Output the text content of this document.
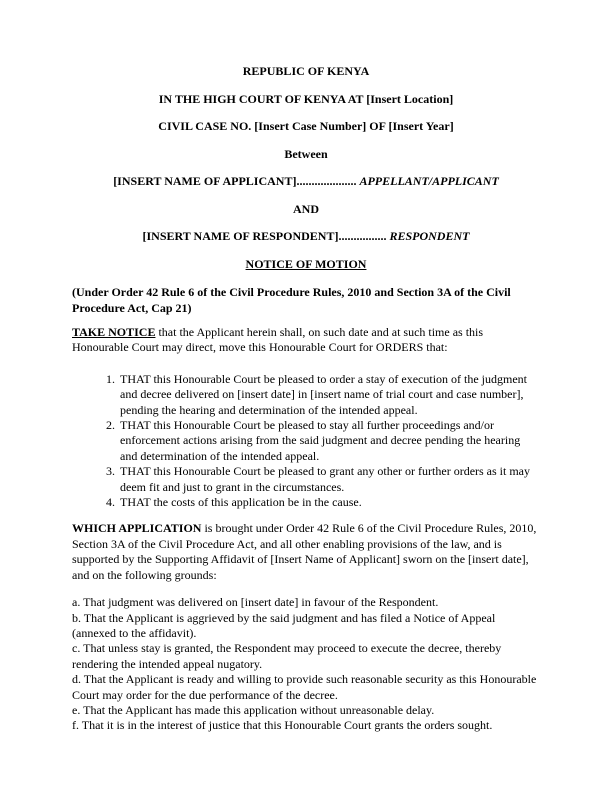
REPUBLIC OF KENYA

IN THE HIGH COURT OF KENYA AT [Insert Location]

CIVIL CASE NO. [Insert Case Number] OF [Insert Year]

Between

[INSERT NAME OF APPLICANT].................... APPELLANT/APPLICANT

AND

[INSERT NAME OF RESPONDENT]................ RESPONDENT

NOTICE OF MOTION

(Under Order 42 Rule 6 of the Civil Procedure Rules, 2010 and Section 3A of the Civil Procedure Act, Cap 21)

TAKE NOTICE that the Applicant herein shall, on such date and at such time as this Honourable Court may direct, move this Honourable Court for ORDERS that:

1. THAT this Honourable Court be pleased to order a stay of execution of the judgment and decree delivered on [insert date] in [insert name of trial court and case number], pending the hearing and determination of the intended appeal.
2. THAT this Honourable Court be pleased to stay all further proceedings and/or enforcement actions arising from the said judgment and decree pending the hearing and determination of the intended appeal.
3. THAT this Honourable Court be pleased to grant any other or further orders as it may deem fit and just to grant in the circumstances.
4. THAT the costs of this application be in the cause.

WHICH APPLICATION is brought under Order 42 Rule 6 of the Civil Procedure Rules, 2010, Section 3A of the Civil Procedure Act, and all other enabling provisions of the law, and is supported by the Supporting Affidavit of [Insert Name of Applicant] sworn on the [insert date], and on the following grounds:

a. That judgment was delivered on [insert date] in favour of the Respondent.

b. That the Applicant is aggrieved by the said judgment and has filed a Notice of Appeal (annexed to the affidavit).

c. That unless stay is granted, the Respondent may proceed to execute the decree, thereby rendering the intended appeal nugatory.

d. That the Applicant is ready and willing to provide such reasonable security as this Honourable Court may order for the due performance of the decree.

e. That the Applicant has made this application without unreasonable delay.

f. That it is in the interest of justice that this Honourable Court grants the orders sought.
